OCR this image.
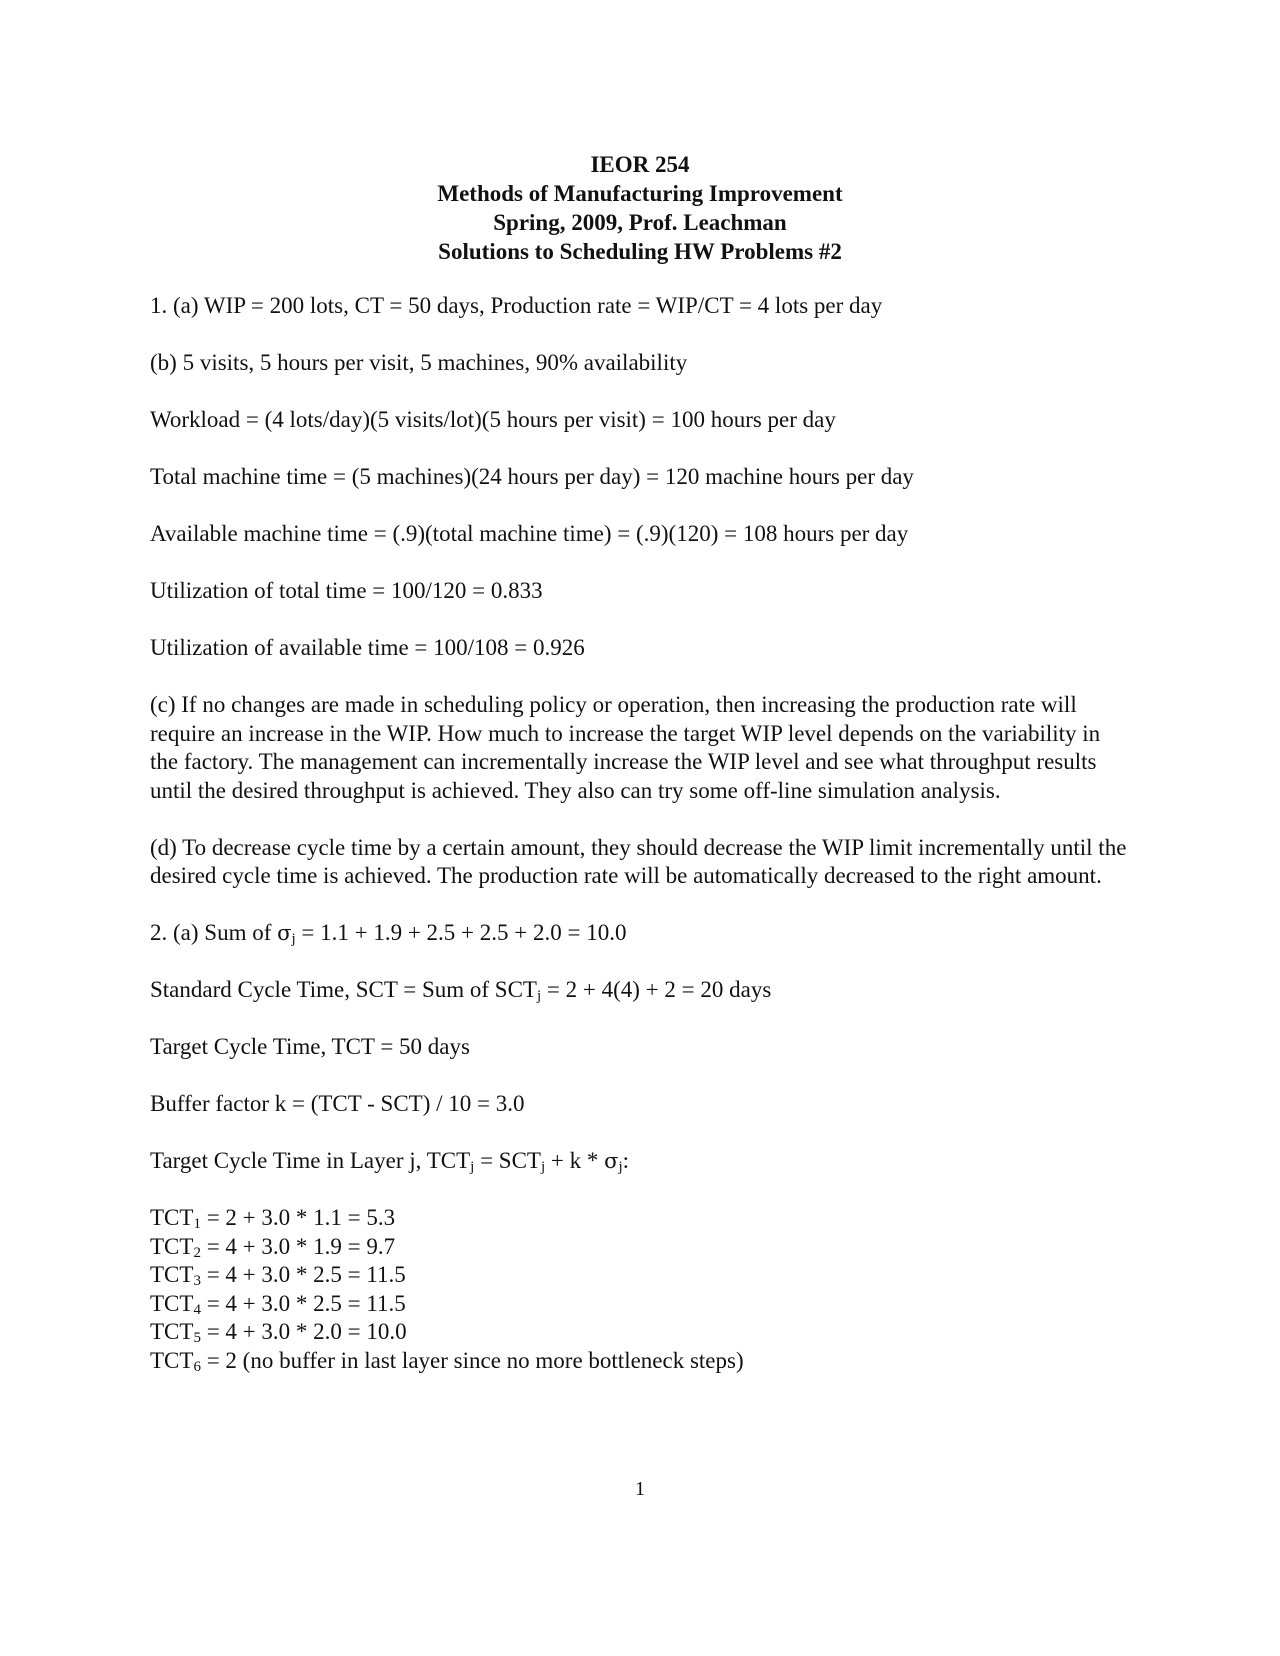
IEOR 254
Methods of Manufacturing Improvement
Spring, 2009, Prof. Leachman
Solutions to Scheduling HW Problems #2

1. (a) WIP = 200 lots, CT = 50 days, Production rate = WIP/CT = 4 lots per day

(b) 5 visits, 5 hours per visit, 5 machines, 90% availability

Workload = (4 lots/day)(5 visits/lot)(5 hours per visit) = 100 hours per day

Total machine time = (5 machines)(24 hours per day) = 120 machine hours per day

Available machine time = (.9)(total machine time) = (.9)(120) = 108 hours per day

Utilization of total time = 100/120 = 0.833

Utilization of available time = 100/108 = 0.926

(c) If no changes are made in scheduling policy or operation, then increasing the production rate will require an increase in the WIP. How much to increase the target WIP level depends on the variability in the factory. The management can incrementally increase the WIP level and see what throughput results until the desired throughput is achieved. They also can try some off-line simulation analysis.

(d) To decrease cycle time by a certain amount, they should decrease the WIP limit incrementally until the desired cycle time is achieved. The production rate will be automatically decreased to the right amount.

2. (a) Sum of $\sigma_j = 1.1 + 1.9 + 2.5 + 2.5 + 2.0 = 10.0$

Standard Cycle Time, SCT = Sum of $SCT_j = 2 + 4(4) + 2 = 20$ days

Target Cycle Time, TCT = 50 days

Buffer factor k = (TCT - SCT) / 10 = 3.0

Target Cycle Time in Layer j, $TCT_j = SCT_j + k * \sigma_j$:

$TCT_1 = 2 + 3.0 * 1.1 = 5.3$

$TCT_2 = 4 + 3.0 * 1.9 = 9.7$

$TCT_3 = 4 + 3.0 * 2.5 = 11.5$

$TCT_4 = 4 + 3.0 * 2.5 = 11.5$

$TCT_5 = 4 + 3.0 * 2.0 = 10.0$

$TCT_6 = 2$ (no buffer in last layer since no more bottleneck steps)

1
